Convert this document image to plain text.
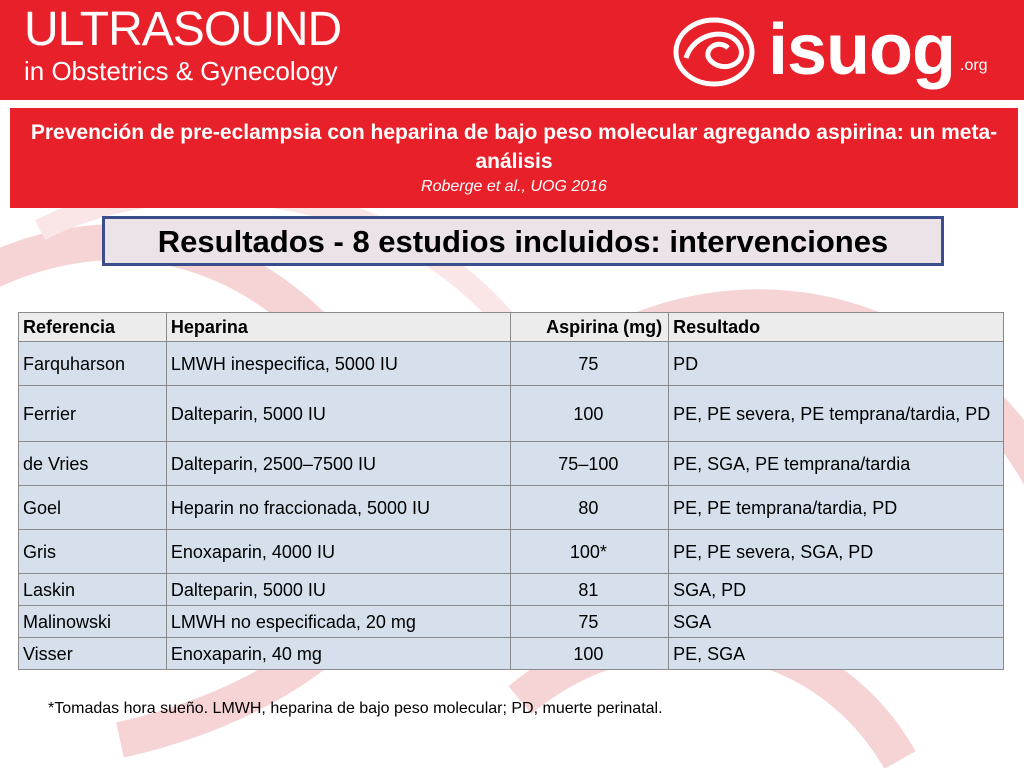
ULTRASOUND
in Obstetrics & Gynecology	isuog .org
Prevención de pre-eclampsia con heparina de bajo peso molecular agregando aspirina: un meta-análisis
Roberge et al., UOG 2016
Resultados - 8 estudios incluidos: intervenciones
Referencia	Heparina	Aspirina (mg)	Resultado
Farquharson	LMWH inespecifica, 5000 IU	75	PD
Ferrier	Dalteparin, 5000 IU	100	PE, PE severa, PE temprana/tardia, PD
de Vries	Dalteparin, 2500–7500 IU	75–100	PE, SGA, PE temprana/tardia
Goel	Heparin no fraccionada, 5000 IU	80	PE, PE temprana/tardia, PD
Gris	Enoxaparin, 4000 IU	100*	PE, PE severa, SGA, PD
Laskin	Dalteparin, 5000 IU	81	SGA, PD
Malinowski	LMWH no especificada, 20 mg	75	SGA
Visser	Enoxaparin, 40 mg	100	PE, SGA
*Tomadas hora sueño. LMWH, heparina de bajo peso molecular; PD, muerte perinatal.
